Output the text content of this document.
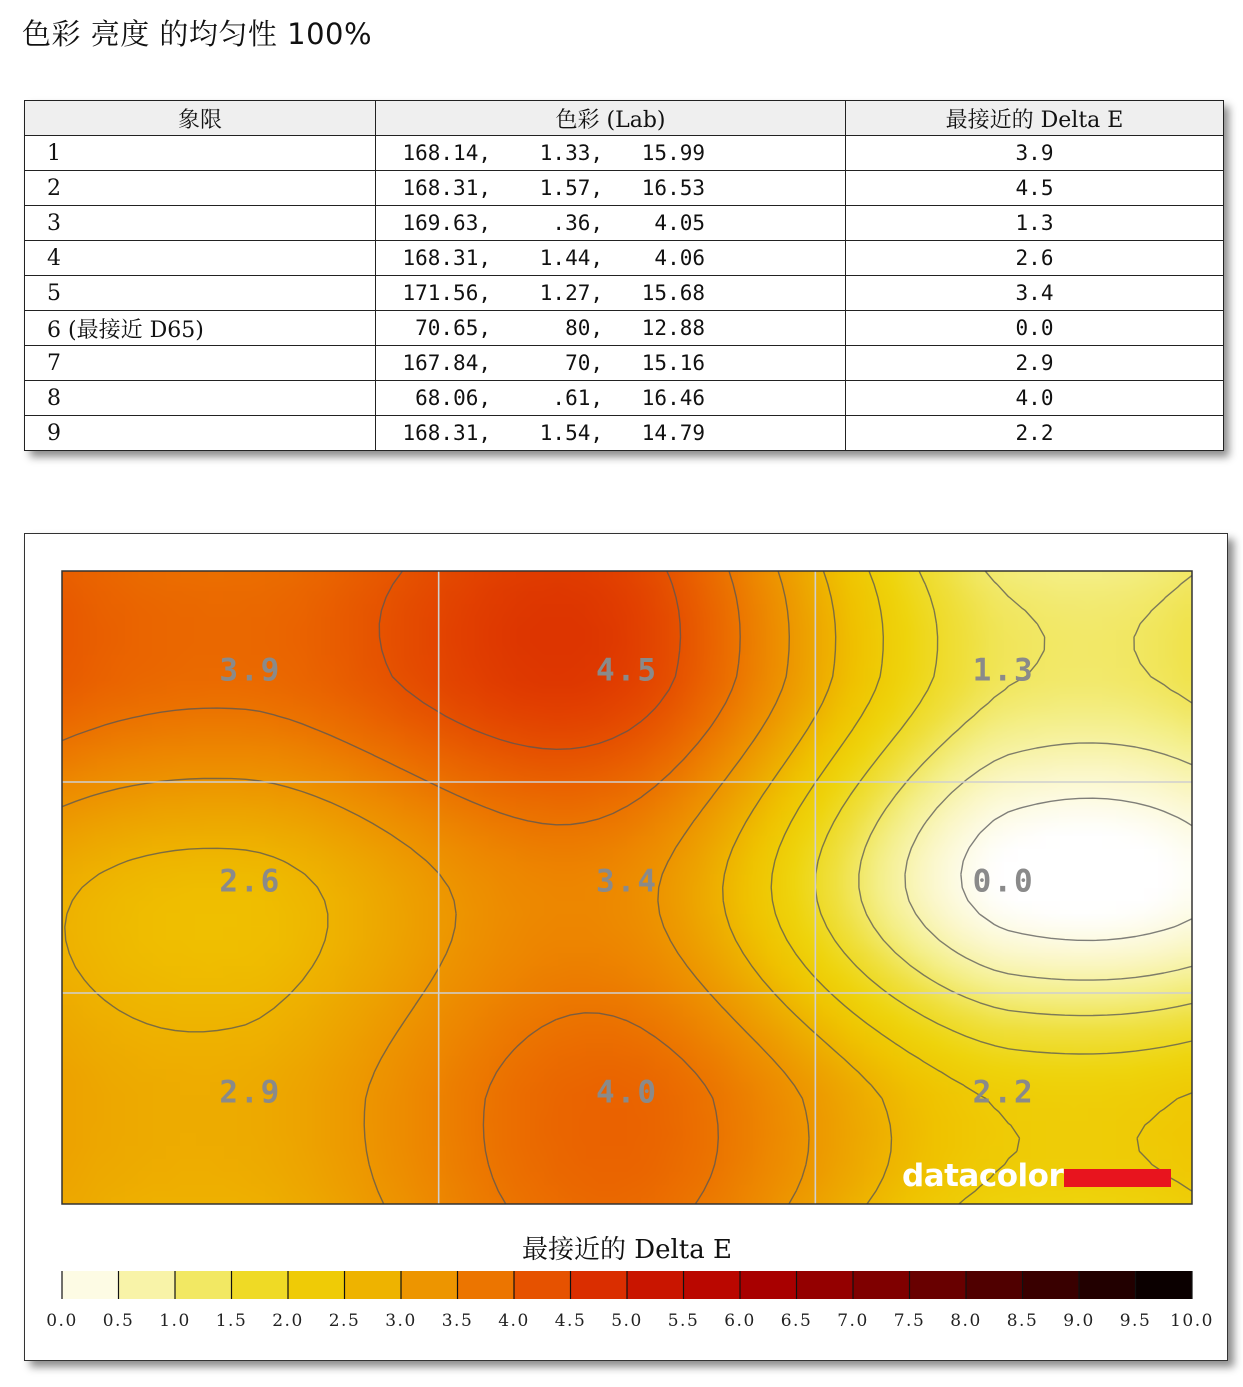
色彩 亮度 的均匀性 100%
象限	色彩 (Lab)	最接近的 Delta E
1	168.14, 1.33, 15.99	3.9
2	168.31, 1.57, 16.53	4.5
3	169.63, .36, 4.05	1.3
4	168.31, 1.44, 4.06	2.6
5	171.56, 1.27, 15.68	3.4
6 (最接近 D65)	70.65, 80, 12.88	0.0
7	167.84, 70, 15.16	2.9
8	68.06, .61, 16.46	4.0
9	168.31, 1.54, 14.79	2.2
3.9	4.5	1.3
2.6	3.4	0.0
2.9	4.0	2.2
datacolor
最接近的 Delta E
0.0 0.5 1.0 1.5 2.0 2.5 3.0 3.5 4.0 4.5 5.0 5.5 6.0 6.5 7.0 7.5 8.0 8.5 9.0 9.5 10.0
